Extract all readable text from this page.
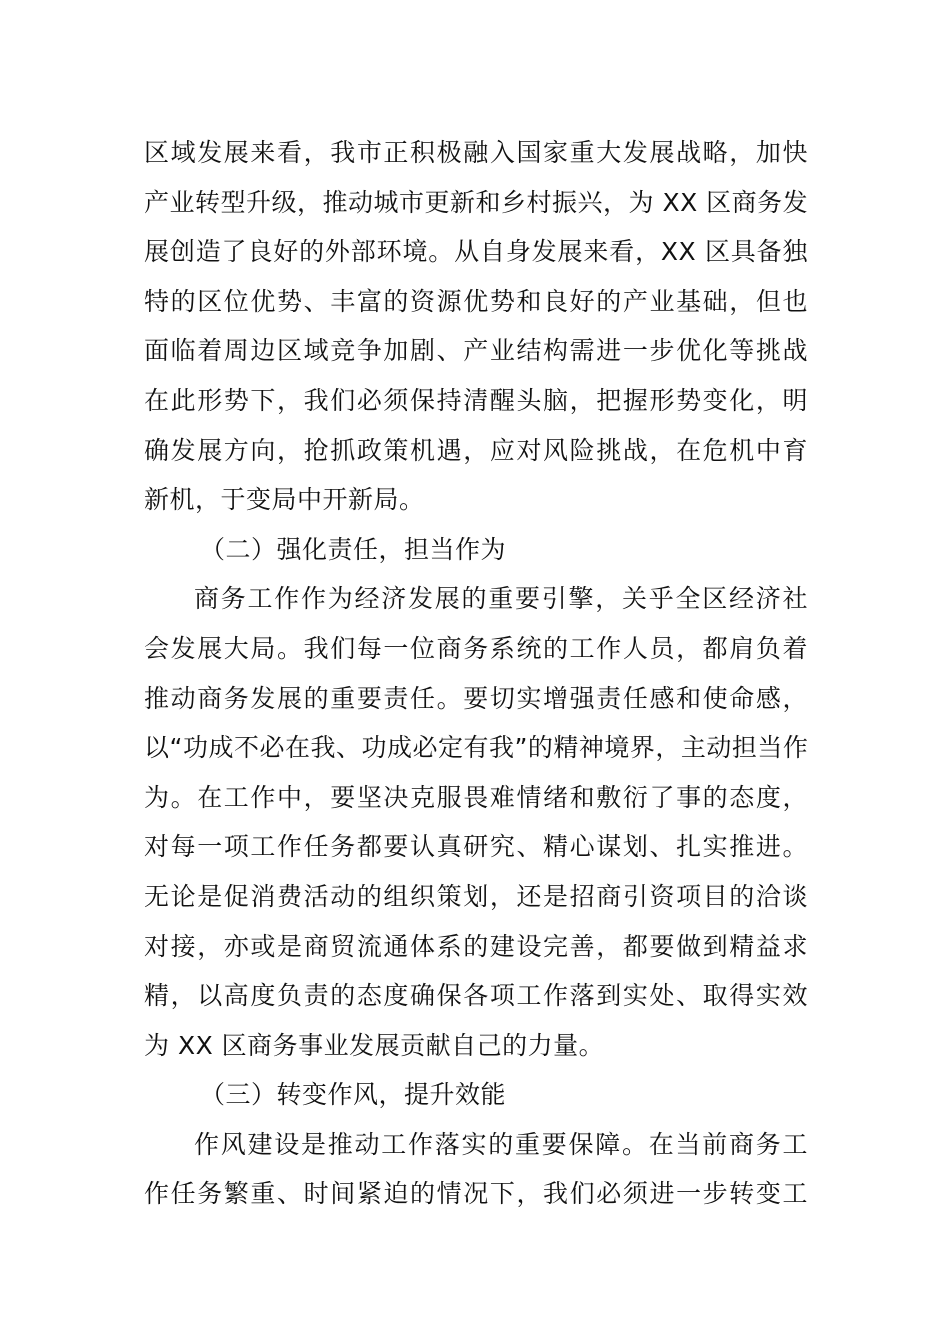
区域发展来看，我市正积极融入国家重大发展战略，加快
产业转型升级，推动城市更新和乡村振兴，为 XX 区商务发
展创造了良好的外部环境。从自身发展来看，XX 区具备独
特的区位优势、丰富的资源优势和良好的产业基础，但也
面临着周边区域竞争加剧、产业结构需进一步优化等挑战
在此形势下，我们必须保持清醒头脑，把握形势变化，明
确发展方向，抢抓政策机遇，应对风险挑战，在危机中育
新机，于变局中开新局。
（二）强化责任，担当作为
商务工作作为经济发展的重要引擎，关乎全区经济社
会发展大局。我们每一位商务系统的工作人员，都肩负着
推动商务发展的重要责任。要切实增强责任感和使命感，
以“功成不必在我、功成必定有我”的精神境界，主动担当作
为。在工作中，要坚决克服畏难情绪和敷衍了事的态度，
对每一项工作任务都要认真研究、精心谋划、扎实推进。
无论是促消费活动的组织策划，还是招商引资项目的洽谈
对接，亦或是商贸流通体系的建设完善，都要做到精益求
精，以高度负责的态度确保各项工作落到实处、取得实效
为 XX 区商务事业发展贡献自己的力量。
（三）转变作风，提升效能
作风建设是推动工作落实的重要保障。在当前商务工
作任务繁重、时间紧迫的情况下，我们必须进一步转变工
